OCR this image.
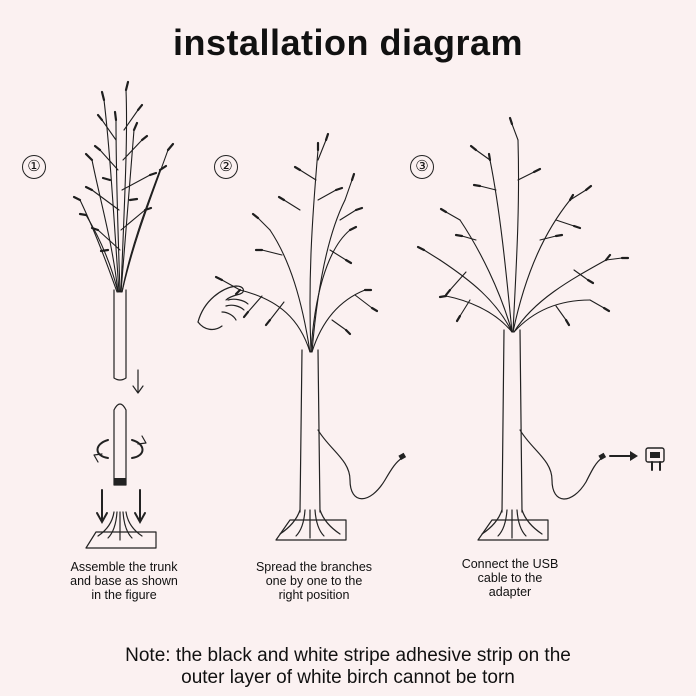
installation diagram
①	②	③
Assemble the trunk
and base as shown
in the figure
Spread the branches
one by one to the
right position
Connect the USB
cable to the
adapter
Note: the black and white stripe adhesive strip on the
outer layer of white birch cannot be torn
